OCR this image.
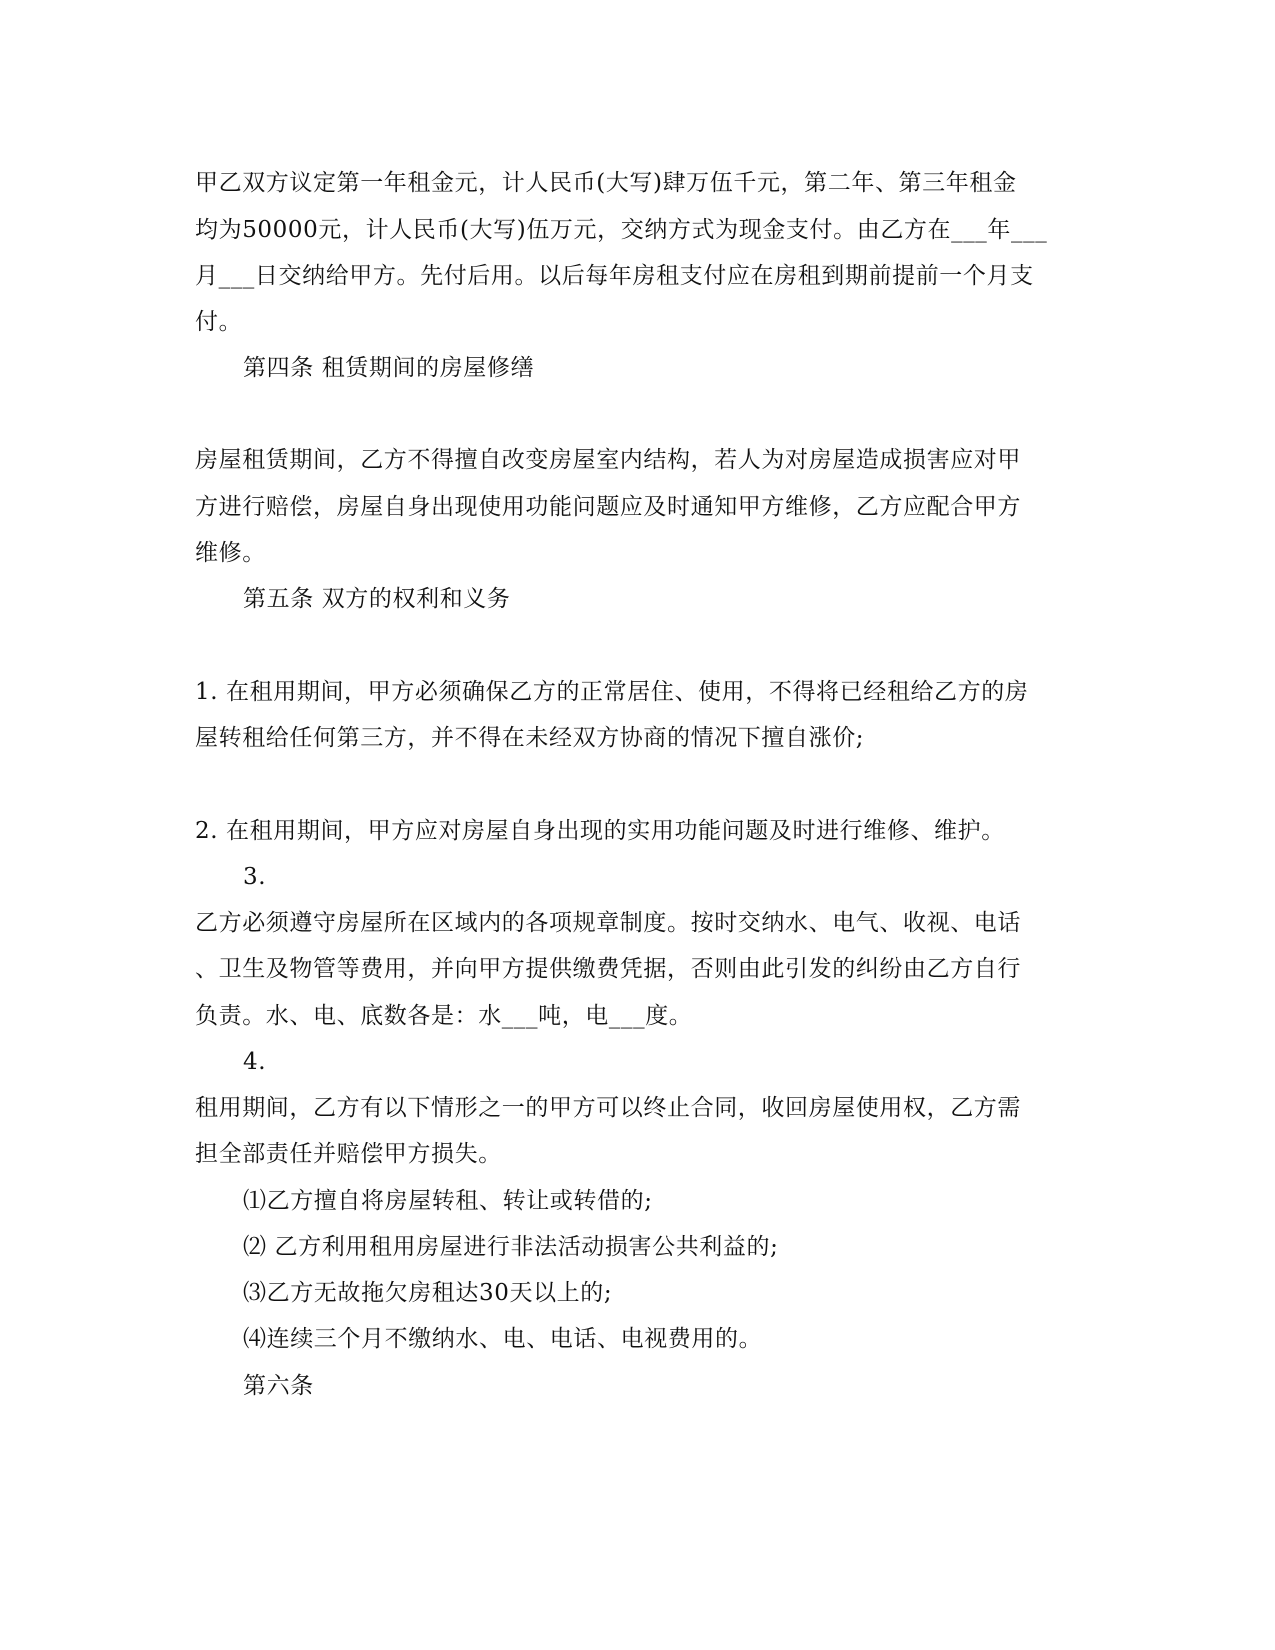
甲乙双方议定第一年租金元，计人民币(大写)肆万伍千元，第二年、第三年租金
均为50000元，计人民币(大写)伍万元，交纳方式为现金支付。由乙方在___年___
月___日交纳给甲方。先付后用。以后每年房租支付应在房租到期前提前一个月支
付。
第四条 租赁期间的房屋修缮
房屋租赁期间，乙方不得擅自改变房屋室内结构，若人为对房屋造成损害应对甲
方进行赔偿，房屋自身出现使用功能问题应及时通知甲方维修，乙方应配合甲方
维修。
第五条 双方的权利和义务
1. 在租用期间，甲方必须确保乙方的正常居住、使用，不得将已经租给乙方的房
屋转租给任何第三方，并不得在未经双方协商的情况下擅自涨价;
2. 在租用期间，甲方应对房屋自身出现的实用功能问题及时进行维修、维护。
3.
乙方必须遵守房屋所在区域内的各项规章制度。按时交纳水、电气、收视、电话
、卫生及物管等费用，并向甲方提供缴费凭据，否则由此引发的纠纷由乙方自行
负责。水、电、底数各是：水___吨，电___度。
4.
租用期间，乙方有以下情形之一的甲方可以终止合同，收回房屋使用权，乙方需
担全部责任并赔偿甲方损失。
⑴乙方擅自将房屋转租、转让或转借的;
⑵ 乙方利用租用房屋进行非法活动损害公共利益的;
⑶乙方无故拖欠房租达30天以上的;
⑷连续三个月不缴纳水、电、电话、电视费用的。
第六条
